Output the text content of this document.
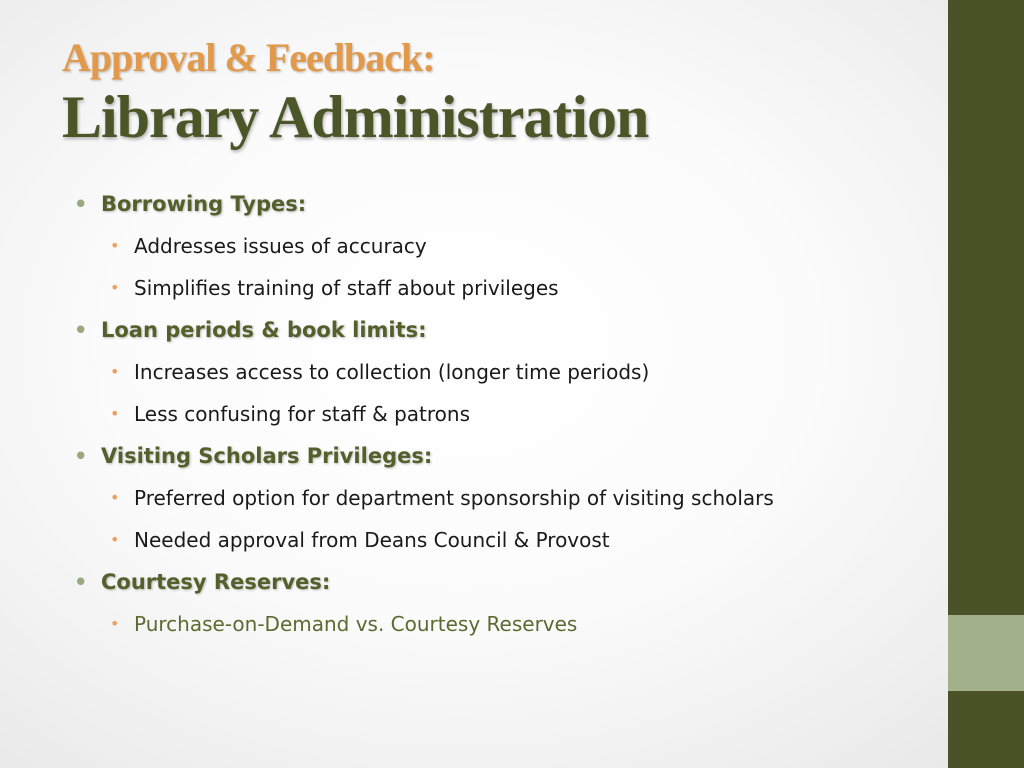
Approval & Feedback:
Library Administration
• Borrowing Types:
• Addresses issues of accuracy
• Simplifies training of staff about privileges
• Loan periods & book limits:
• Increases access to collection (longer time periods)
• Less confusing for staff & patrons
• Visiting Scholars Privileges:
• Preferred option for department sponsorship of visiting scholars
• Needed approval from Deans Council & Provost
• Courtesy Reserves:
• Purchase-on-Demand vs. Courtesy Reserves
